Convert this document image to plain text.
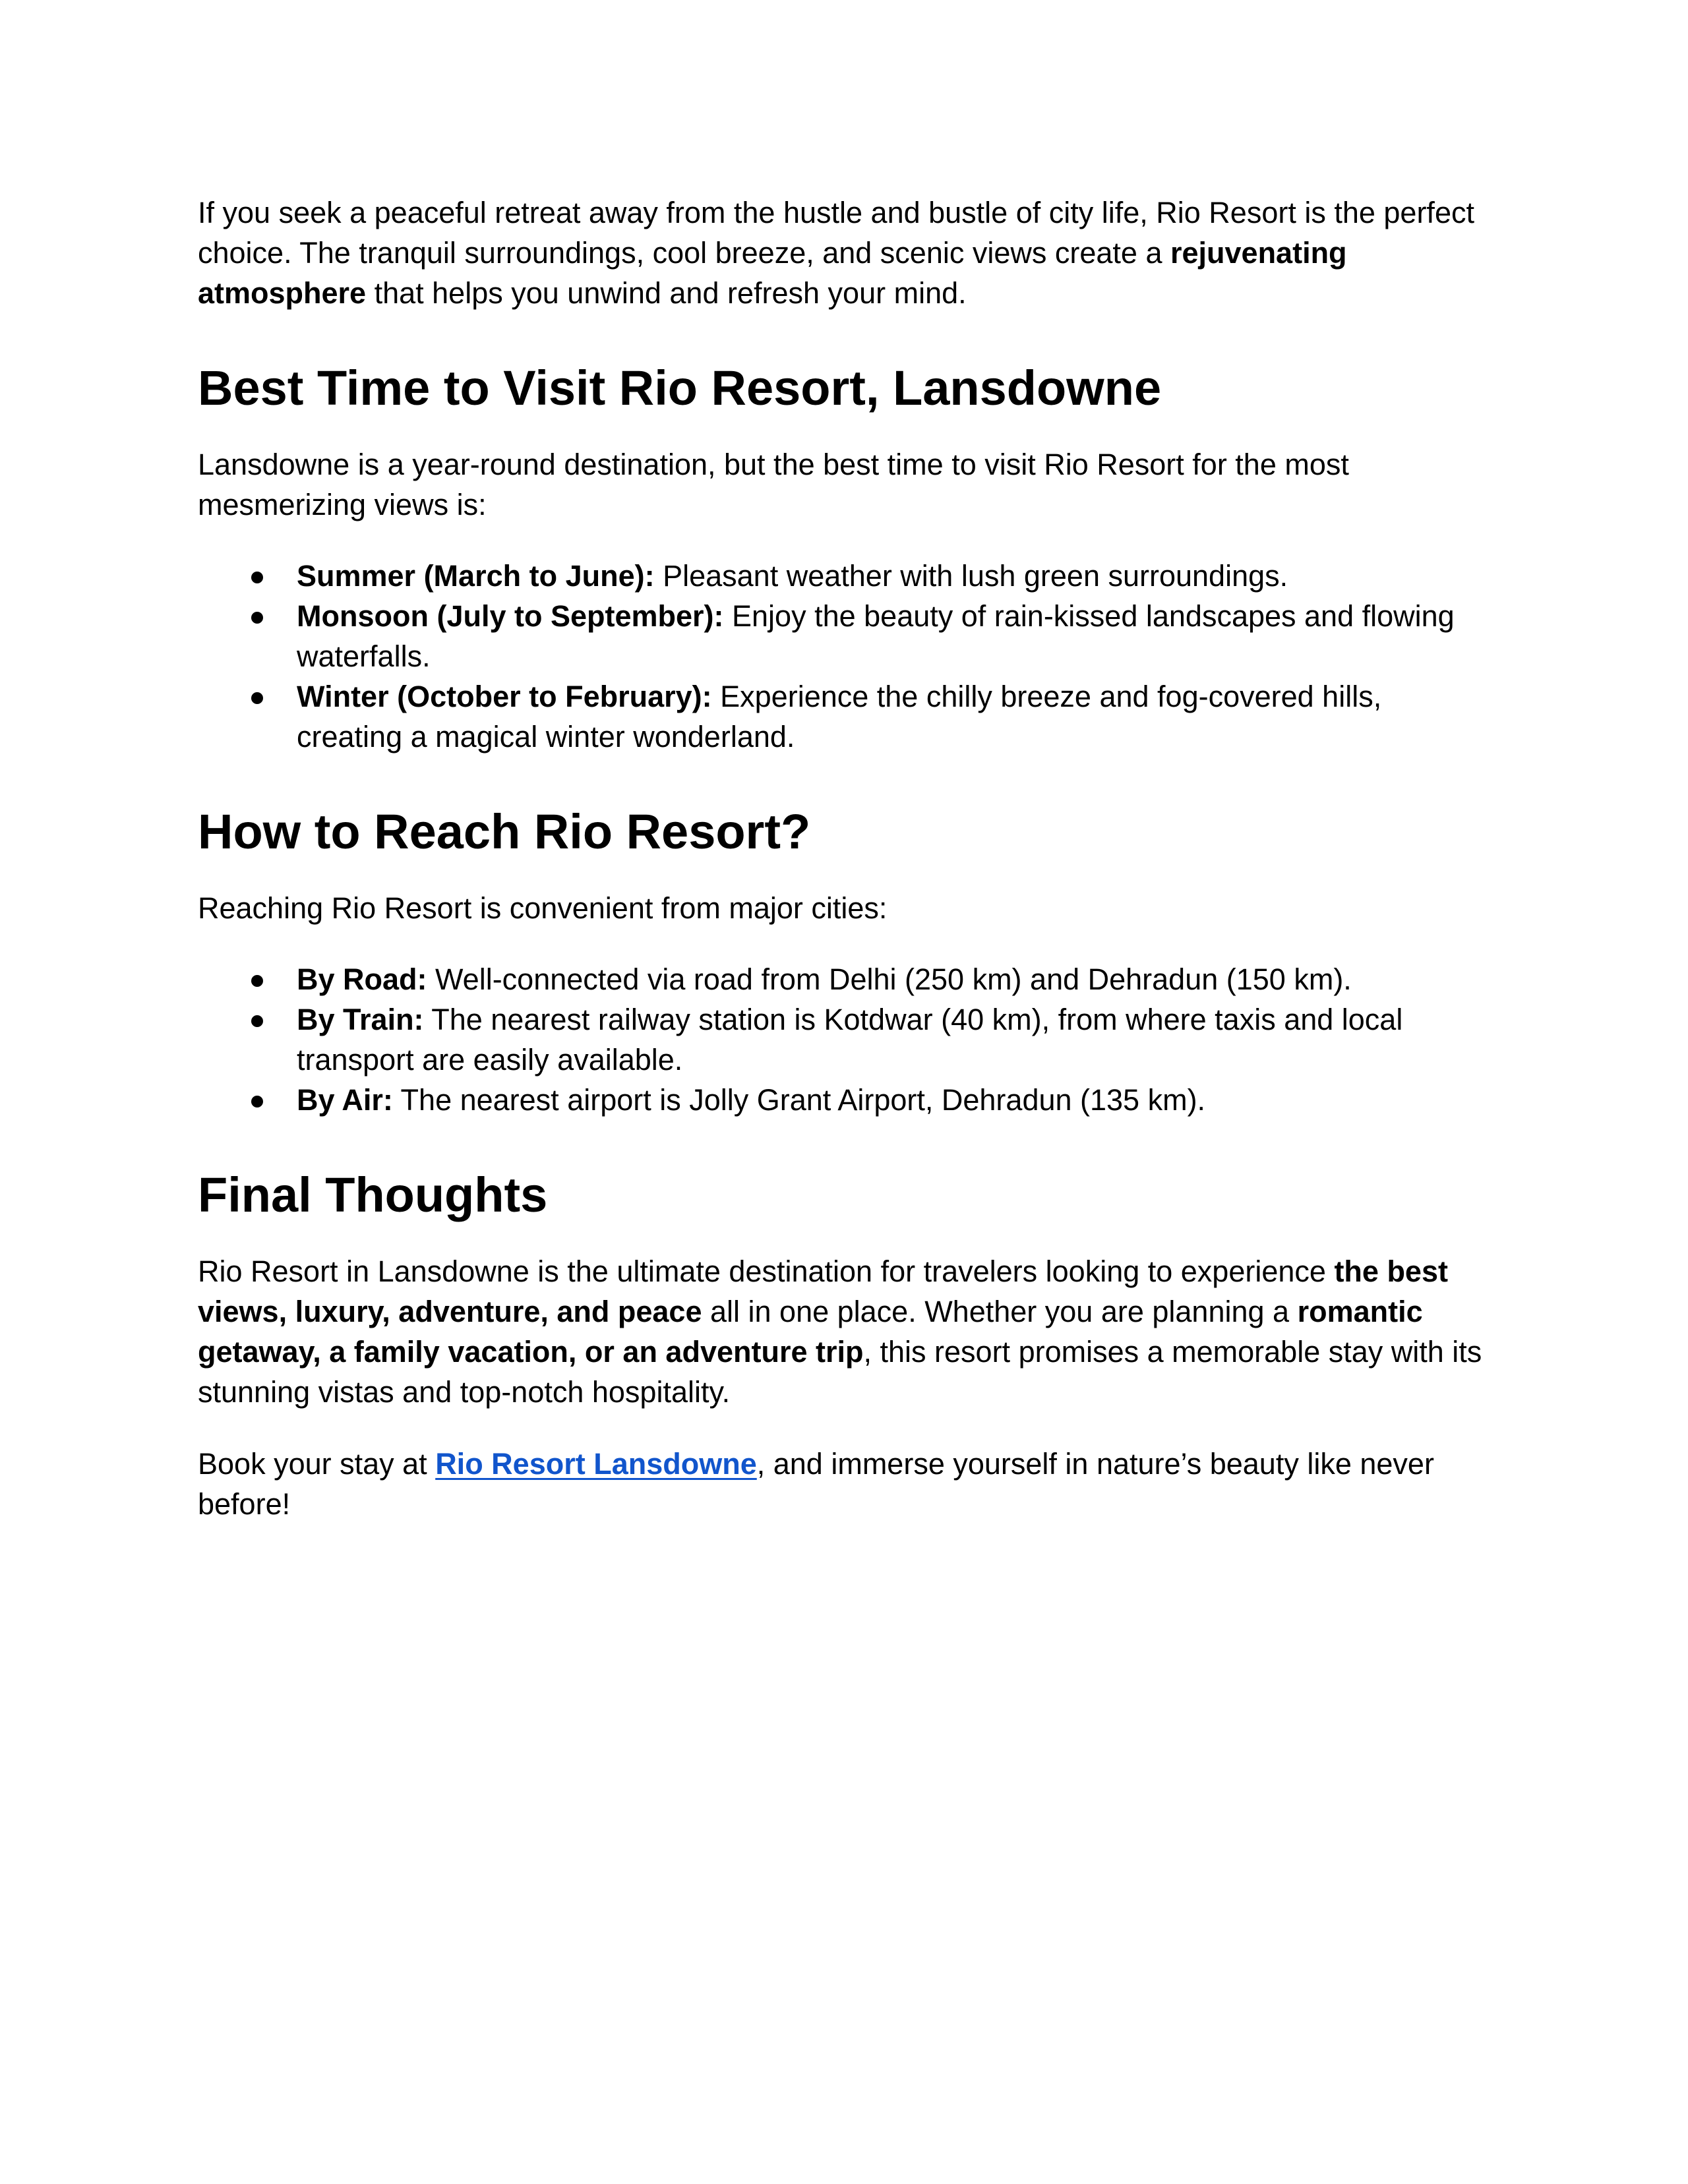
If you seek a peaceful retreat away from the hustle and bustle of city life, Rio Resort is the perfect choice. The tranquil surroundings, cool breeze, and scenic views create a rejuvenating atmosphere that helps you unwind and refresh your mind.

Best Time to Visit Rio Resort, Lansdowne

Lansdowne is a year-round destination, but the best time to visit Rio Resort for the most mesmerizing views is:

Summer (March to June): Pleasant weather with lush green surroundings.
Monsoon (July to September): Enjoy the beauty of rain-kissed landscapes and flowing waterfalls.
Winter (October to February): Experience the chilly breeze and fog-covered hills, creating a magical winter wonderland.
How to Reach Rio Resort?

Reaching Rio Resort is convenient from major cities:

By Road: Well-connected via road from Delhi (250 km) and Dehradun (150 km).
By Train: The nearest railway station is Kotdwar (40 km), from where taxis and local transport are easily available.
By Air: The nearest airport is Jolly Grant Airport, Dehradun (135 km).
Final Thoughts

Rio Resort in Lansdowne is the ultimate destination for travelers looking to experience the best views, luxury, adventure, and peace all in one place. Whether you are planning a romantic getaway, a family vacation, or an adventure trip, this resort promises a memorable stay with its stunning vistas and top-notch hospitality.

Book your stay at Rio Resort Lansdowne, and immerse yourself in nature’s beauty like never before!
